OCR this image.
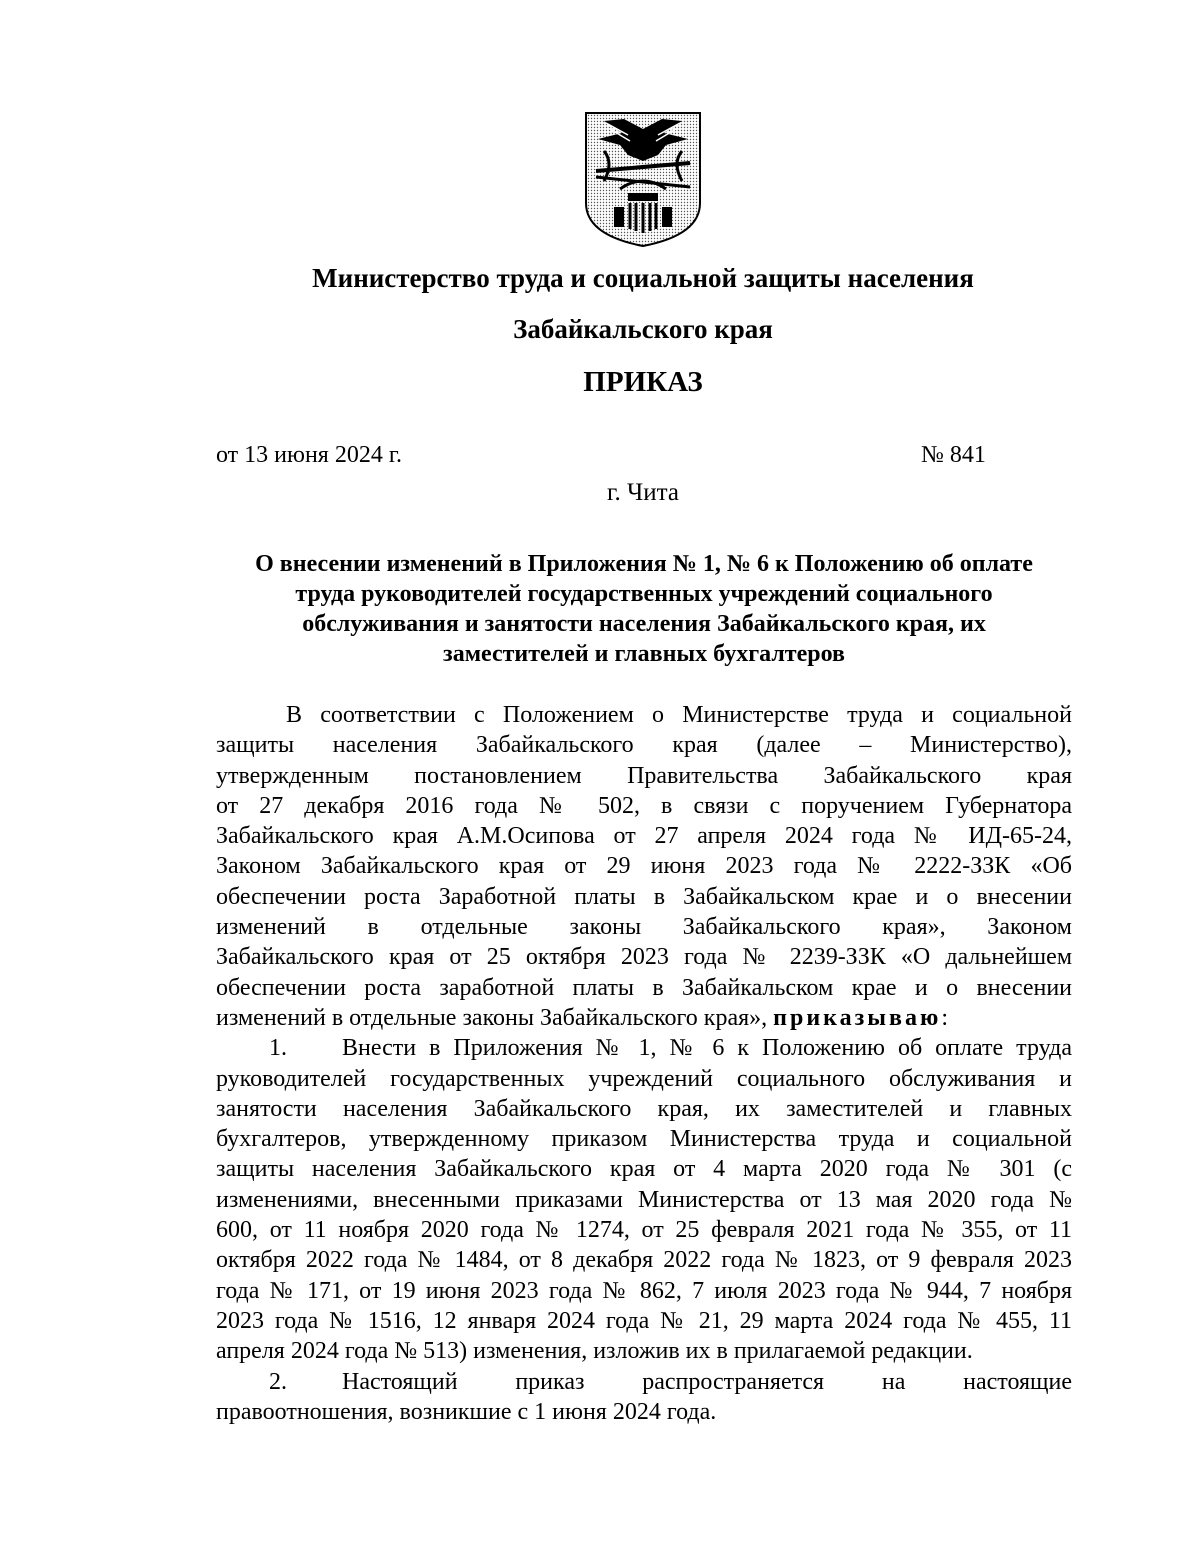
Министерство труда и социальной защиты населения
Забайкальского края
ПРИКАЗ
от 13 июня 2024 г.	№ 841
г. Чита
О внесении изменений в Приложения № 1, № 6 к Положению об оплате
труда руководителей государственных учреждений социального
обслуживания и занятости населения Забайкальского края, их
заместителей и главных бухгалтеров
В соответствии с Положением о Министерстве труда и социальной
защиты населения Забайкальского края (далее – Министерство),
утвержденным постановлением Правительства Забайкальского края
от 27 декабря 2016 года № 502, в связи с поручением Губернатора
Забайкальского края А.М.Осипова от 27 апреля 2024 года № ИД-65-24,
Законом Забайкальского края от 29 июня 2023 года № 2222-ЗЗК «Об
обеспечении роста Заработной платы в Забайкальском крае и о внесении
изменений в отдельные законы Забайкальского края», Законом
Забайкальского края от 25 октября 2023 года № 2239-ЗЗК «О дальнейшем
обеспечении роста заработной платы в Забайкальском крае и о внесении
изменений в отдельные законы Забайкальского края», приказываю:
1. Внести в Приложения № 1, № 6 к Положению об оплате труда
руководителей государственных учреждений социального обслуживания и
занятости населения Забайкальского края, их заместителей и главных
бухгалтеров, утвержденному приказом Министерства труда и социальной
защиты населения Забайкальского края от 4 марта 2020 года № 301 (с
изменениями, внесенными приказами Министерства от 13 мая 2020 года №
600, от 11 ноября 2020 года № 1274, от 25 февраля 2021 года № 355, от 11
октября 2022 года № 1484, от 8 декабря 2022 года № 1823, от 9 февраля 2023
года № 171, от 19 июня 2023 года № 862, 7 июля 2023 года № 944, 7 ноября
2023 года № 1516, 12 января 2024 года № 21, 29 марта 2024 года № 455, 11
апреля 2024 года № 513) изменения, изложив их в прилагаемой редакции.
2. Настоящий приказ распространяется на настоящие
правоотношения, возникшие с 1 июня 2024 года.
